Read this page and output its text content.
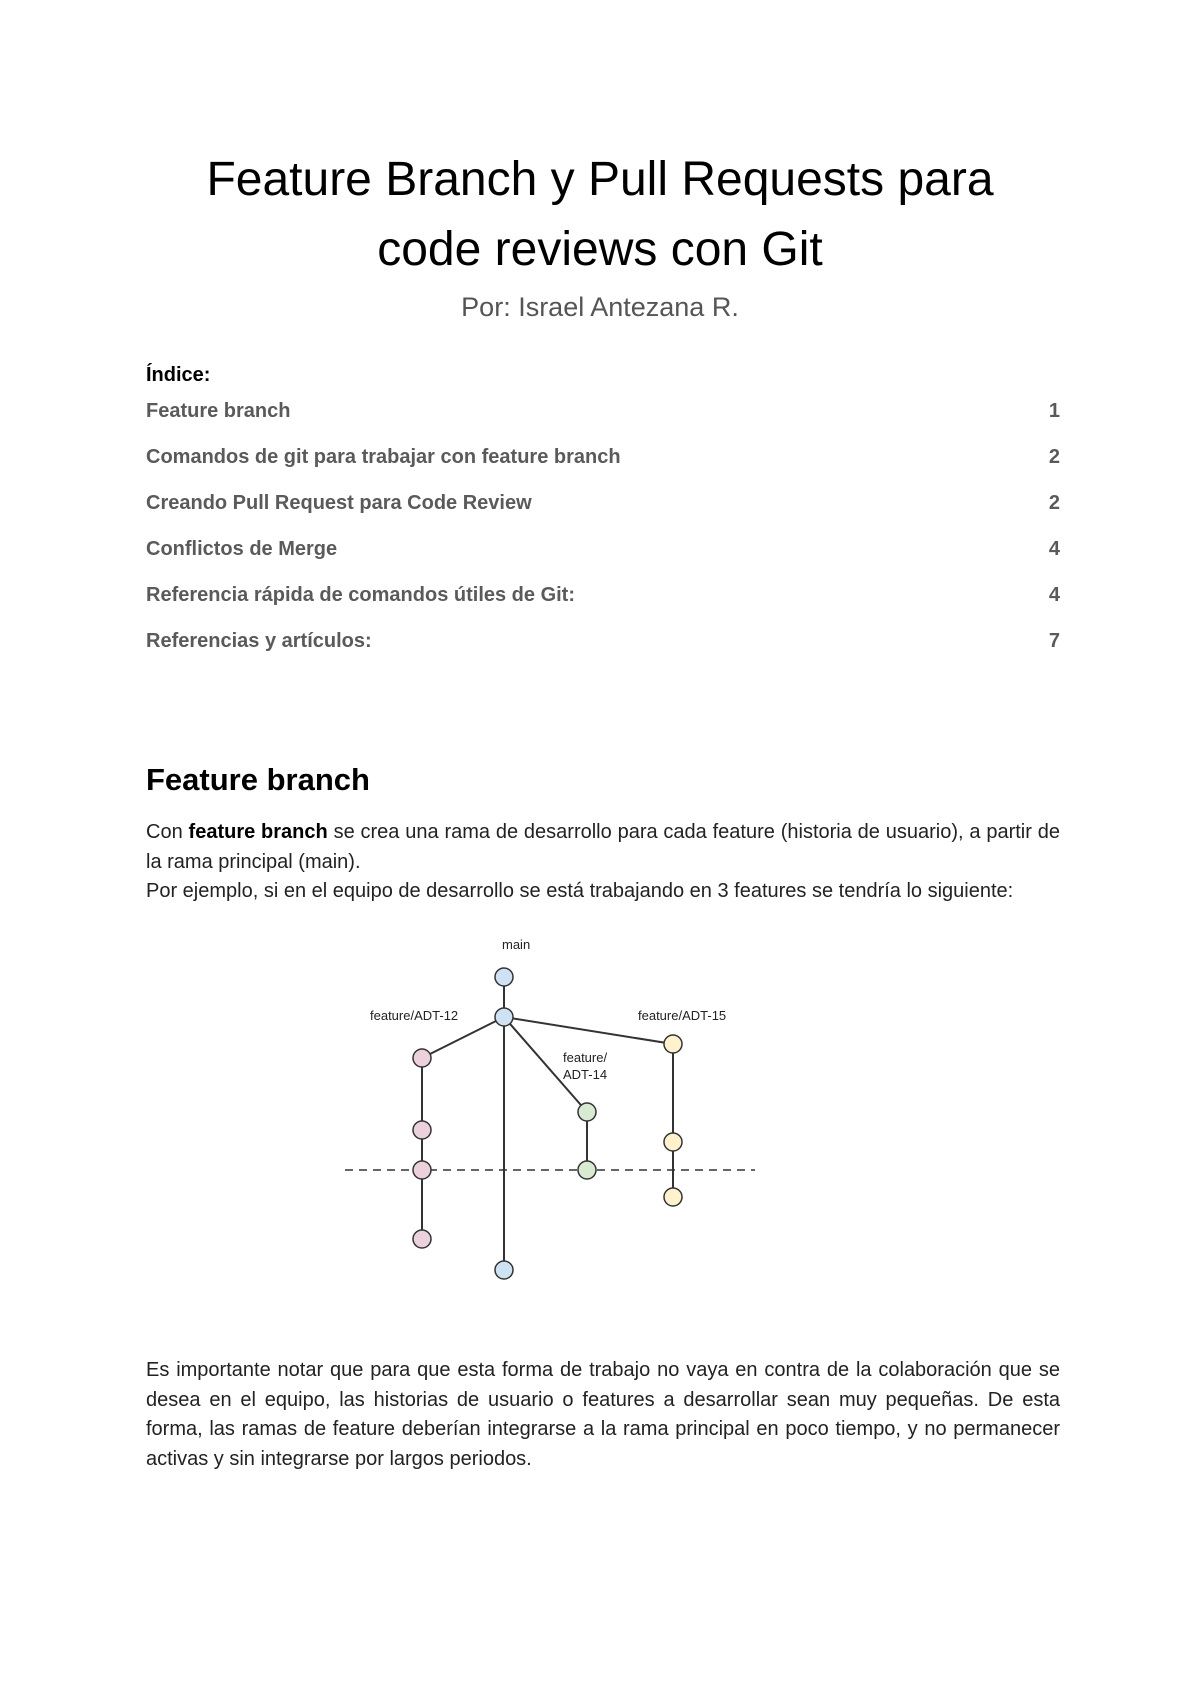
Feature Branch y Pull Requests para
code reviews con Git

Por: Israel Antezana R.

Índice:

Feature branch	1
Comandos de git para trabajar con feature branch	2
Creando Pull Request para Code Review	2
Conflictos de Merge	4
Referencia rápida de comandos útiles de Git:	4
Referencias y artículos:	7
Feature branch
Con feature branch se crea una rama de desarrollo para cada feature (historia de usuario), a partir de la rama principal (main).
Por ejemplo, si en el equipo de desarrollo se está trabajando en 3 features se tendría lo siguiente:
main
feature/ADT-12
feature/
ADT-14
feature/ADT-15

Es importante notar que para que esta forma de trabajo no vaya en contra de la colaboración que se desea en el equipo, las historias de usuario o features a desarrollar sean muy pequeñas. De esta forma, las ramas de feature deberían integrarse a la rama principal en poco tiempo, y no permanecer activas y sin integrarse por largos periodos.
